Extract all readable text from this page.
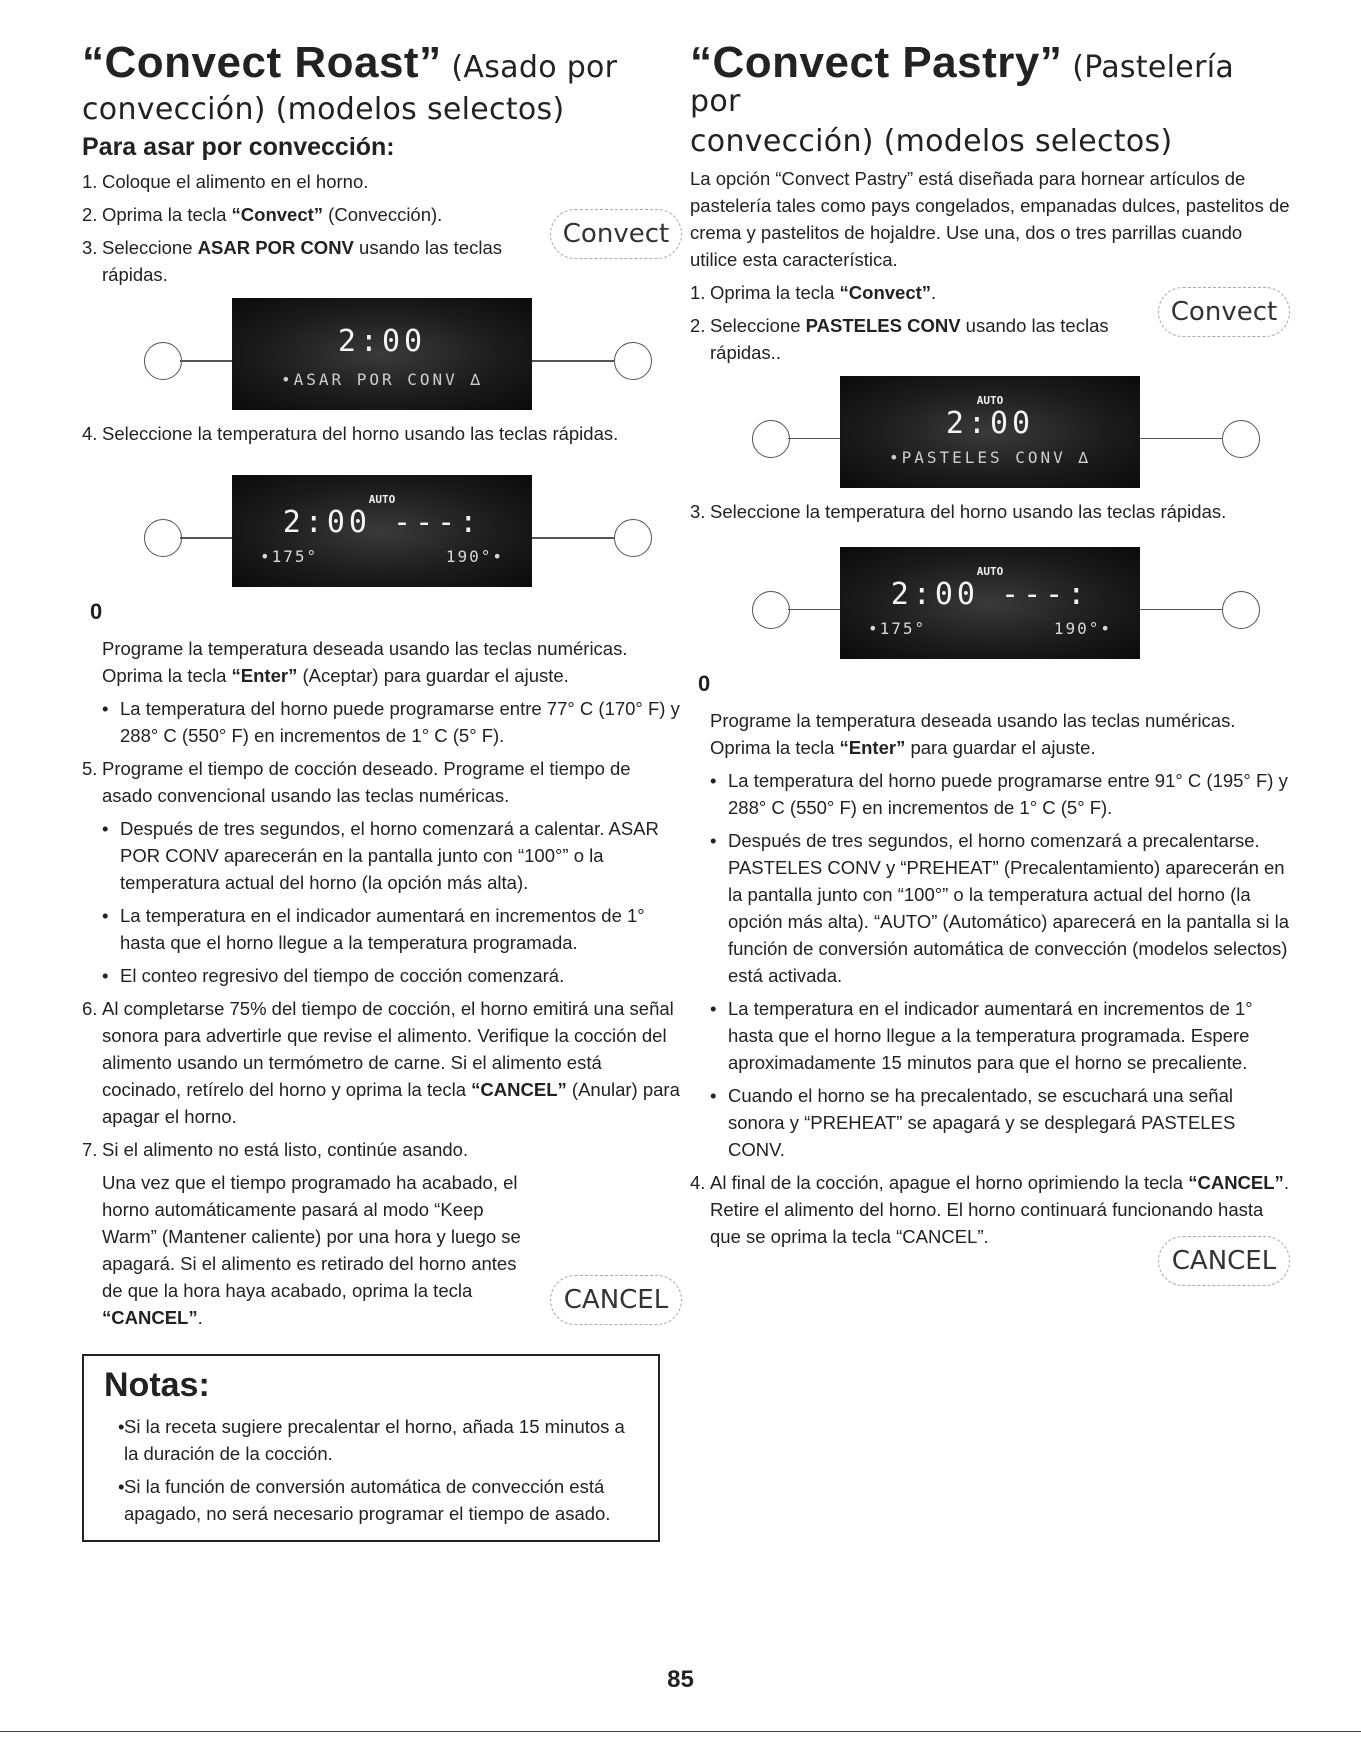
“Convect Roast” (Asado por

convección) (modelos selectos)

Para asar por convección:

1. Coloque el alimento en el horno.
Convect
2. Oprima la tecla “Convect” (Convección).
3. Seleccione ASAR POR CONV usando las teclas rápidas.
2:00
•ASAR POR CONV ∆
4. Seleccione la temperatura del horno usando las teclas rápidas.
AUTO
2:00 ---:
•175°	190°•
0
Programe la temperatura deseada usando las teclas numéricas. Oprima la tecla “Enter” (Aceptar) para guardar el ajuste.
• La temperatura del horno puede programarse entre 77° C (170° F) y 288° C (550° F) en incrementos de 1° C (5° F).
5. Programe el tiempo de cocción deseado. Programe el tiempo de asado convencional usando las teclas numéricas.
• Después de tres segundos, el horno comenzará a calentar. ASAR POR CONV aparecerán en la pantalla junto con “100°” o la temperatura actual del horno (la opción más alta).
• La temperatura en el indicador aumentará en incrementos de 1° hasta que el horno llegue a la temperatura programada.
• El conteo regresivo del tiempo de cocción comenzará.
6. Al completarse 75% del tiempo de cocción, el horno emitirá una señal sonora para advertirle que revise el alimento. Verifique la cocción del alimento usando un termómetro de carne. Si el alimento está cocinado, retírelo del horno y oprima la tecla “CANCEL” (Anular) para apagar el horno.
7. Si el alimento no está listo, continúe asando.
Una vez que el tiempo programado ha acabado, el horno automáticamente pasará al modo “Keep Warm” (Mantener caliente) por una hora y luego se apagará. Si el alimento es retirado del horno antes de que la hora haya acabado, oprima la tecla “CANCEL”.
CANCEL
Notas:
• Si la receta sugiere precalentar el horno, añada 15 minutos a la duración de la cocción.
• Si la función de conversión automática de convección está apagado, no será necesario programar el tiempo de asado.

“Convect Pastry” (Pastelería por

convección) (modelos selectos)

La opción “Convect Pastry” está diseñada para hornear artículos de pastelería tales como pays congelados, empanadas dulces, pastelitos de crema y pastelitos de hojaldre. Use una, dos o tres parrillas cuando utilice esta característica.
Convect
1. Oprima la tecla “Convect”.
2. Seleccione PASTELES CONV usando las teclas rápidas..
AUTO
2:00
•PASTELES CONV ∆
3. Seleccione la temperatura del horno usando las teclas rápidas.
AUTO
2:00 ---:
•175°	190°•
0
Programe la temperatura deseada usando las teclas numéricas. Oprima la tecla “Enter” para guardar el ajuste.
• La temperatura del horno puede programarse entre 91° C (195° F) y 288° C (550° F) en incrementos de 1° C (5° F).
• Después de tres segundos, el horno comenzará a precalentarse. PASTELES CONV y “PREHEAT” (Precalentamiento) aparecerán en la pantalla junto con “100°” o la temperatura actual del horno (la opción más alta). “AUTO” (Automático) aparecerá en la pantalla si la función de conversión automática de convección (modelos selectos) está activada.
• La temperatura en el indicador aumentará en incrementos de 1° hasta que el horno llegue a la temperatura programada. Espere aproximadamente 15 minutos para que el horno se precaliente.
• Cuando el horno se ha precalentado, se escuchará una señal sonora y “PREHEAT” se apagará y se desplegará PASTELES CONV.
4. Al final de la cocción, apague el horno oprimiendo la tecla “CANCEL”. Retire el alimento del horno. El horno continuará funcionando hasta que se oprima la tecla “CANCEL”.
CANCEL
85
